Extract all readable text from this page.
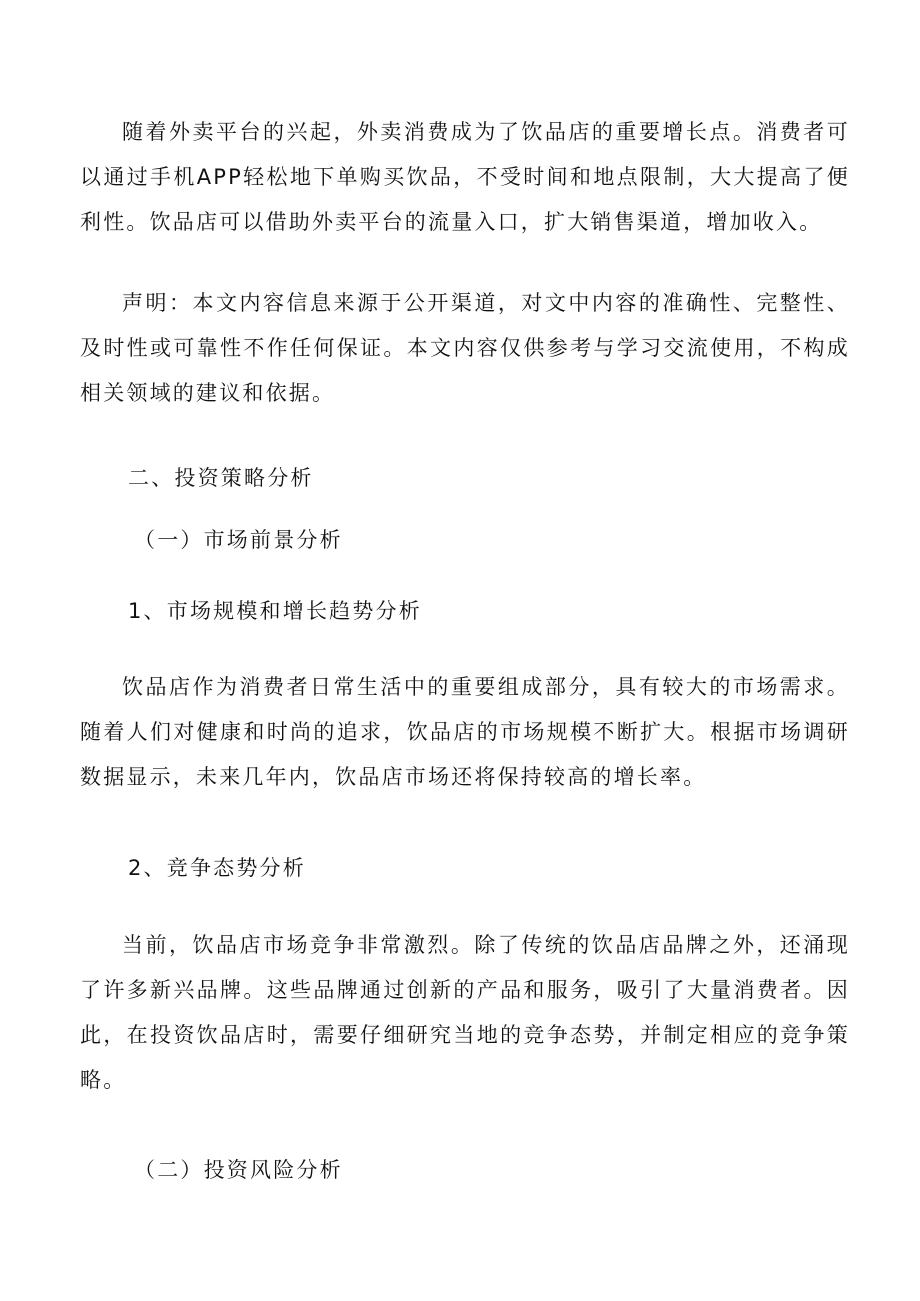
随着外卖平台的兴起，外卖消费成为了饮品店的重要增长点。消费者可以通过手机APP轻松地下单购买饮品，不受时间和地点限制，大大提高了便利性。饮品店可以借助外卖平台的流量入口，扩大销售渠道，增加收入。

声明：本文内容信息来源于公开渠道，对文中内容的准确性、完整性、及时性或可靠性不作任何保证。本文内容仅供参考与学习交流使用，不构成相关领域的建议和依据。

二、投资策略分析
（一）市场前景分析
1、市场规模和增长趋势分析

饮品店作为消费者日常生活中的重要组成部分，具有较大的市场需求。随着人们对健康和时尚的追求，饮品店的市场规模不断扩大。根据市场调研数据显示，未来几年内，饮品店市场还将保持较高的增长率。

2、竞争态势分析

当前，饮品店市场竞争非常激烈。除了传统的饮品店品牌之外，还涌现了许多新兴品牌。这些品牌通过创新的产品和服务，吸引了大量消费者。因此，在投资饮品店时，需要仔细研究当地的竞争态势，并制定相应的竞争策略。

（二）投资风险分析
